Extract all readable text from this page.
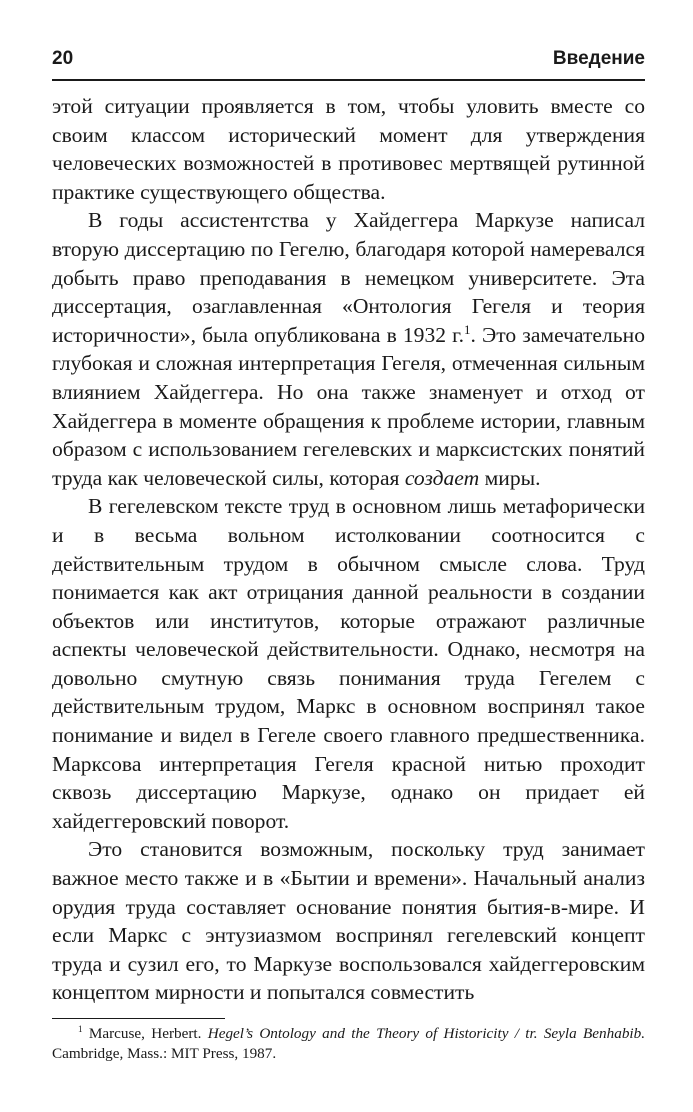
20	Введение

этой ситуации проявляется в том, чтобы уловить вместе со своим классом исторический момент для утверждения человеческих возможностей в противовес мертвящей рутинной практике существующего общества.

В годы ассистентства у Хайдеггера Маркузе написал вторую диссертацию по Гегелю, благодаря которой намеревался добыть право преподавания в немецком университете. Эта диссертация, озаглавленная «Онтология Гегеля и теория историчности», была опубликована в 1932 г.$^1$. Это замечательно глубокая и сложная интерпретация Гегеля, отмеченная сильным влиянием Хайдеггера. Но она также знаменует и отход от Хайдеггера в моменте обращения к проблеме истории, главным образом с использованием гегелевских и марксистских понятий труда как человеческой силы, которая создает миры.

В гегелевском тексте труд в основном лишь метафорически и в весьма вольном истолковании соотносится с действительным трудом в обычном смысле слова. Труд понимается как акт отрицания данной реальности в создании объектов или институтов, которые отражают различные аспекты человеческой действительности. Однако, несмотря на довольно смутную связь понимания труда Гегелем с действительным трудом, Маркс в основном воспринял такое понимание и видел в Гегеле своего главного предшественника. Марксова интерпретация Гегеля красной нитью проходит сквозь диссертацию Маркузе, однако он придает ей хайдеггеровский поворот.

Это становится возможным, поскольку труд занимает важное место также и в «Бытии и времени». Начальный анализ орудия труда составляет основание понятия бытия-в-мире. И если Маркс с энтузиазмом воспринял гегелевский концепт труда и сузил его, то Маркузе воспользовался хайдеггеровским концептом мирности и попытался совместить

$^1$ Marcuse, Herbert. Hegel’s Ontology and the Theory of Historicity / tr. Seyla Benhabib. Cambridge, Mass.: MIT Press, 1987.
